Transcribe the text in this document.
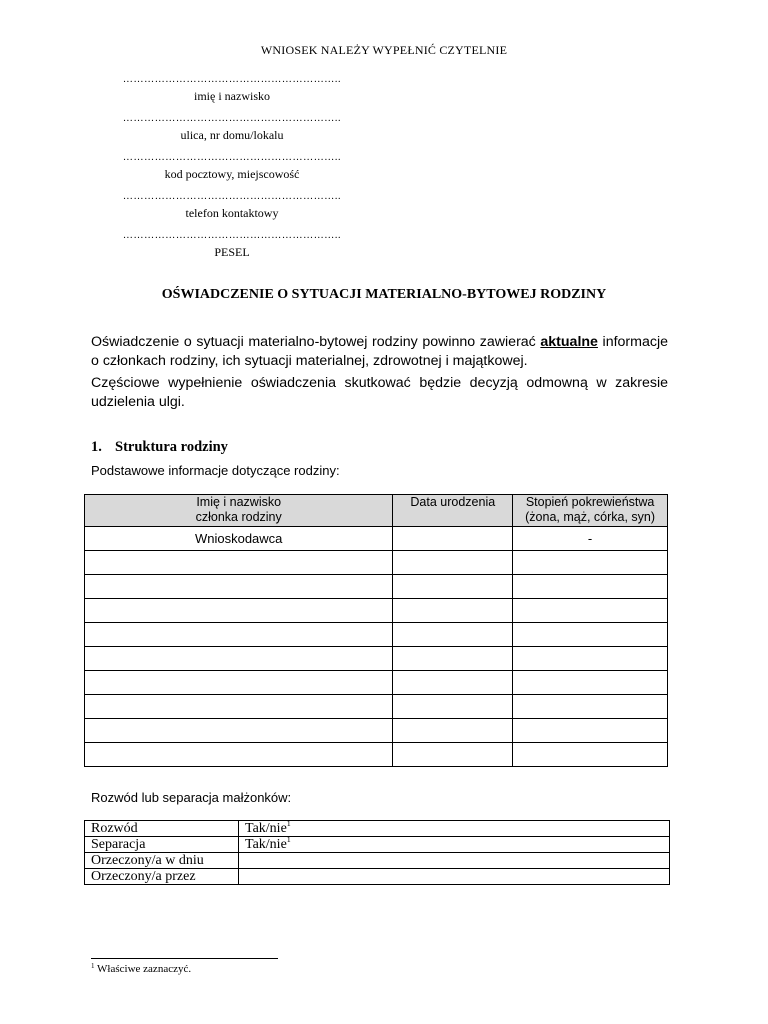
WNIOSEK NALEŻY WYPEŁNIĆ CZYTELNIE
……………………………………………………..
imię i nazwisko
……………………………………………………..
ulica, nr domu/lokalu
……………………………………………………..
kod pocztowy, miejscowość
……………………………………………………..
telefon kontaktowy
……………………………………………………..
PESEL
OŚWIADCZENIE O SYTUACJI MATERIALNO-BYTOWEJ RODZINY
Oświadczenie o sytuacji materialno-bytowej rodziny powinno zawierać aktualne informacje o członkach rodziny, ich sytuacji materialnej, zdrowotnej i majątkowej.
Częściowe wypełnienie oświadczenia skutkować będzie decyzją odmowną w zakresie udzielenia ulgi.
1. Struktura rodziny
Podstawowe informacje dotyczące rodziny:
Imię i nazwisko
członka rodziny	Data urodzenia	Stopień pokrewieństwa
(żona, mąż, córka, syn)
Wnioskodawca		-

Rozwód lub separacja małżonków:
Rozwód	Tak/nie$^1$
Separacja	Tak/nie$^1$
Orzeczony/a w dniu	
Orzeczony/a przez	
$^1$ Właściwe zaznaczyć.
